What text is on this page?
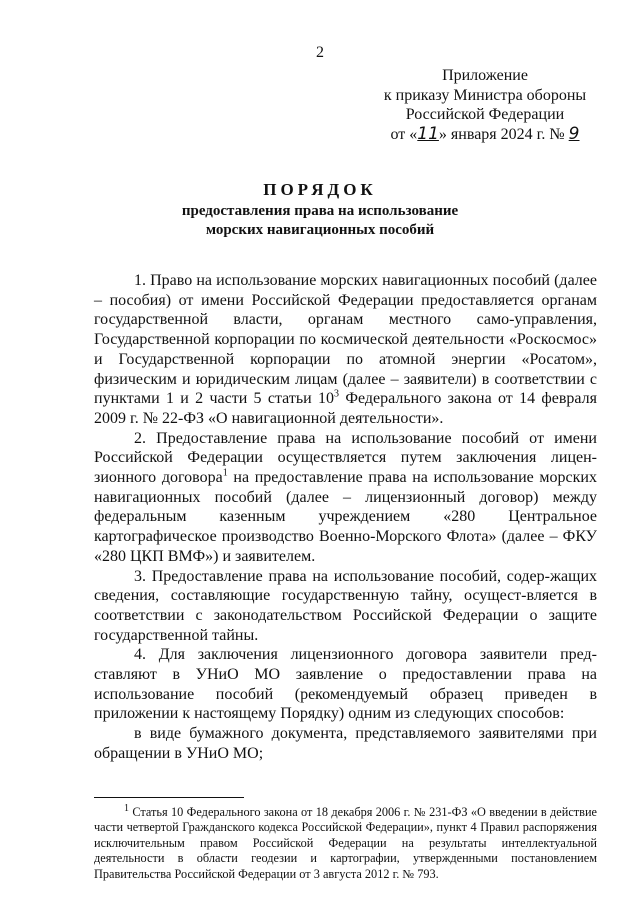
2
Приложение
к приказу Министра обороны
Российской Федерации
от «11» января 2024 г. № 9
ПОРЯДОК
предоставления права на использование
морских навигационных пособий

1. Право на использование морских навигационных пособий (далее – пособия) от имени Российской Федерации предоставляется органам государственной власти, органам местного само-управления, Государственной корпорации по космической деятельности «Роскосмос» и Государственной корпорации по атомной энергии «Росатом», физическим и юридическим лицам (далее – заявители) в соответствии с пунктами 1 и 2 части 5 статьи $10^3$ Федерального закона от 14 февраля 2009 г. № 22-ФЗ «О навигационной деятельности».

2. Предоставление права на использование пособий от имени Российской Федерации осуществляется путем заключения лицен-зионного договора$^1$ на предоставление права на использование морских навигационных пособий (далее – лицензионный договор) между федеральным казенным учреждением «280 Центральное картографическое производство Военно-Морского Флота» (далее – ФКУ «280 ЦКП ВМФ») и заявителем.

3. Предоставление права на использование пособий, содер-жащих сведения, составляющие государственную тайну, осущест-вляется в соответствии с законодательством Российской Федерации о защите государственной тайны.

4. Для заключения лицензионного договора заявители пред-ставляют в УНиО МО заявление о предоставлении права на использование пособий (рекомендуемый образец приведен в приложении к настоящему Порядку) одним из следующих способов:

в виде бумажного документа, представляемого заявителями при обращении в УНиО МО;

$^1$ Статья 10 Федерального закона от 18 декабря 2006 г. № 231-ФЗ «О введении в действие части четвертой Гражданского кодекса Российской Федерации», пункт 4 Правил распоряжения исключительным правом Российской Федерации на результаты интеллектуальной деятельности в области геодезии и картографии, утвержденными постановлением Правительства Российской Федерации от 3 августа 2012 г. № 793.
